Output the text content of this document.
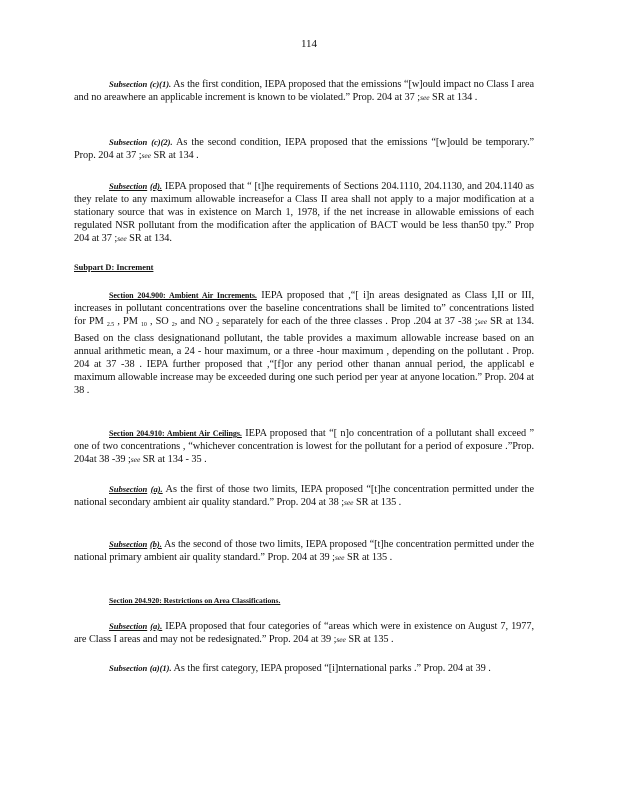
114
Subsection (c)(1). As the first condition, IEPA proposed that the emissions “[w]ould impact no Class I area and no areawhere an applicable increment is known to be violated.” Prop. 204 at 37 ;see SR at 134 .
Subsection (c)(2). As the second condition, IEPA proposed that the emissions “[w]ould be temporary.” Prop. 204 at 37 ;see SR at 134 .
Subsection (d). IEPA proposed that “ [t]he requirements of Sections 204.1110, 204.1130, and 204.1140 as they relate to any maximum allowable increasefor a Class II area shall not apply to a major modification at a stationary source that was in existence on March 1, 1978, if the net increase in allowable emissions of each regulated NSR pollutant from the modification after the application of BACT would be less than50 tpy.” Prop 204 at 37 ;see SR at 134.
Subpart D: Increment
Section 204.900: Ambient Air Increments. IEPA proposed that ,“[ i]n areas designated as Class I,II or III, increases in pollutant concentrations over the baseline concentrations shall be limited to” concentrations listed for PM $_{2.5}$ , PM $_{10}$ , SO $_2$, and NO $_2$ separately for each of the three classes . Prop .204 at 37 -38 ;see SR at 134. Based on the class designationand pollutant, the table provides a maximum allowable increase based on an annual arithmetic mean, a 24 - hour maximum, or a three -hour maximum , depending on the pollutant . Prop. 204 at 37 -38 . IEPA further proposed that ,“[f]or any period other thanan annual period, the applicabl e maximum allowable increase may be exceeded during one such period per year at anyone location.” Prop. 204 at 38 .
Section 204.910: Ambient Air Ceilings. IEPA proposed that “[ n]o concentration of a pollutant shall exceed ” one of two concentrations , “whichever concentration is lowest for the pollutant for a period of exposure .”Prop. 204at 38 -39 ;see SR at 134 - 35 .
Subsection (a). As the first of those two limits, IEPA proposed “[t]he concentration permitted under the national secondary ambient air quality standard.” Prop. 204 at 38 ;see SR at 135 .
Subsection (b). As the second of those two limits, IEPA proposed “[t]he concentration permitted under the national primary ambient air quality standard.” Prop. 204 at 39 ;see SR at 135 .
Section 204.920: Restrictions on Area Classifications.
Subsection (a). IEPA proposed that four categories of “areas which were in existence on August 7, 1977, are Class I areas and may not be redesignated.” Prop. 204 at 39 ;see SR at 135 .
Subsection (a)(1). As the first category, IEPA proposed “[i]nternational parks .” Prop. 204 at 39 .
